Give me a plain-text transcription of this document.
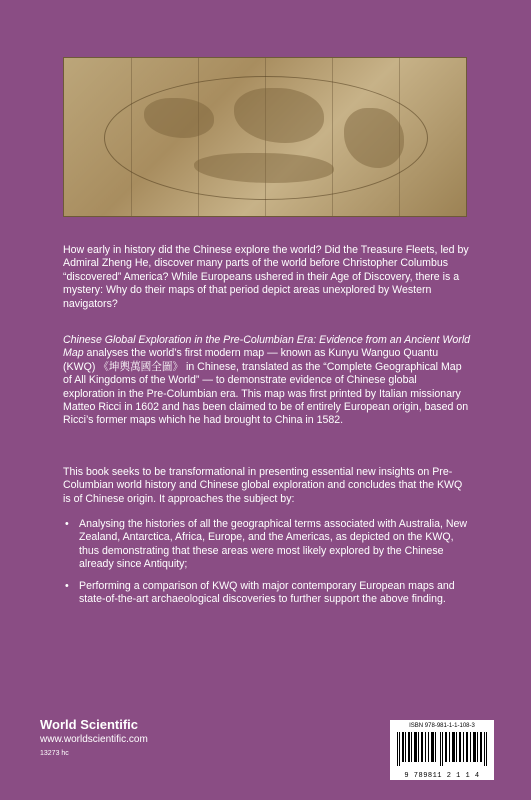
How early in history did the Chinese explore the world? Did the Treasure Fleets, led by Admiral Zheng He, discover many parts of the world before Christopher Columbus “discovered” America? While Europeans ushered in their Age of Discovery, there is a mystery: Why do their maps of that period depict areas unexplored by Western navigators?
Chinese Global Exploration in the Pre-Columbian Era: Evidence from an Ancient World Map analyses the world’s first modern map — known as Kunyu Wanguo Quantu (KWQ) 《坤輿萬國全圖》 in Chinese, translated as the “Complete Geographical Map of All Kingdoms of the World” — to demonstrate evidence of Chinese global exploration in the Pre-Columbian era. This map was first printed by Italian missionary Matteo Ricci in 1602 and has been claimed to be of entirely European origin, based on Ricci’s former maps which he had brought to China in 1582.
This book seeks to be transformational in presenting essential new insights on Pre-Columbian world history and Chinese global exploration and concludes that the KWQ is of Chinese origin. It approaches the subject by:
• Analysing the histories of all the geographical terms associated with Australia, New Zealand, Antarctica, Africa, Europe, and the Americas, as depicted on the KWQ, thus demonstrating that these areas were most likely explored by the Chinese already since Antiquity;
• Performing a comparison of KWQ with major contemporary European maps and state-of-the-art archaeological discoveries to further support the above finding.
World Scientific
www.worldscientific.com
13273 hc
ISBN 978-981-1-1-108-3
9 789811 2 1 1 4
